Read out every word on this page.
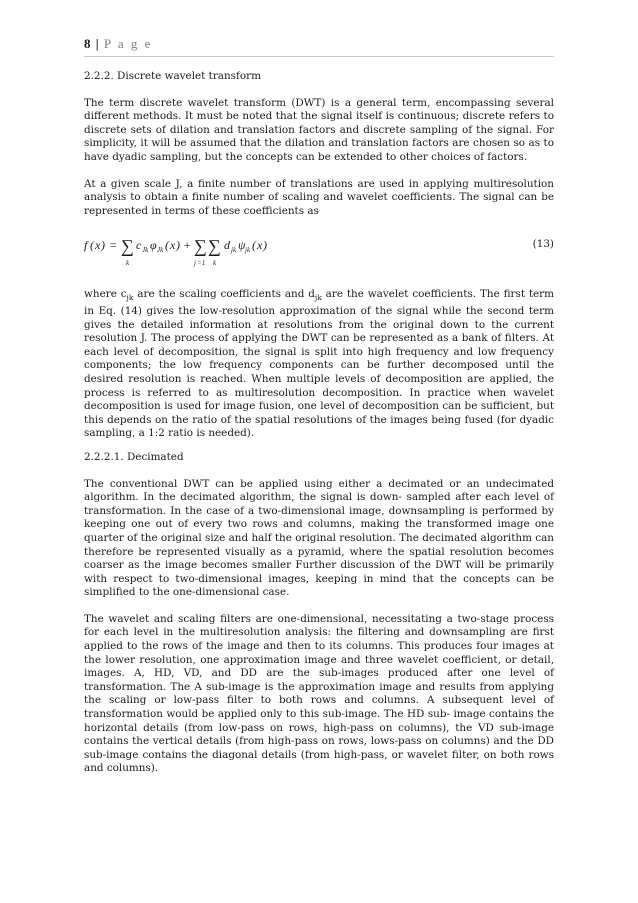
8 | P a g e
2.2.2. Discrete wavelet transform

The term discrete wavelet transform (DWT) is a general term, encompassing several different methods. It must be noted that the signal itself is continuous; discrete refers to discrete sets of dilation and translation factors and discrete sampling of the signal. For simplicity, it will be assumed that the dilation and translation factors are chosen so as to have dyadic sampling, but the concepts can be extended to other choices of factors.

At a given scale J, a finite number of translations are used in applying multiresolution analysis to obtain a finite number of scaling and wavelet coefficients. The signal can be represented in terms of these coefficients as

f ( x ) = ∑
k
c Jk φ Jk ( x ) + ∑
j =1
∑
k
d jk ψ jk ( x )	(13)

where $c_{jk}$ are the scaling coefficients and $d_{jk}$ are the wavelet coefficients. The first term in Eq. (14) gives the low-resolution approximation of the signal while the second term gives the detailed information at resolutions from the original down to the current resolution J. The process of applying the DWT can be represented as a bank of filters. At each level of decomposition, the signal is split into high frequency and low frequency components; the low frequency components can be further decomposed until the desired resolution is reached. When multiple levels of decomposition are applied, the process is referred to as multiresolution decomposition. In practice when wavelet decomposition is used for image fusion, one level of decomposition can be sufficient, but this depends on the ratio of the spatial resolutions of the images being fused (for dyadic sampling, a 1:2 ratio is needed).

2.2.2.1. Decimated

The conventional DWT can be applied using either a decimated or an undecimated algorithm. In the decimated algorithm, the signal is down- sampled after each level of transformation. In the case of a two-dimensional image, downsampling is performed by keeping one out of every two rows and columns, making the transformed image one quarter of the original size and half the original resolution. The decimated algorithm can therefore be represented visually as a pyramid, where the spatial resolution becomes coarser as the image becomes smaller Further discussion of the DWT will be primarily with respect to two-dimensional images, keeping in mind that the concepts can be simplified to the one-dimensional case.

The wavelet and scaling filters are one-dimensional, necessitating a two-stage process for each level in the multiresolution analysis: the filtering and downsampling are first applied to the rows of the image and then to its columns. This produces four images at the lower resolution, one approximation image and three wavelet coefficient, or detail, images. A, HD, VD, and DD are the sub-images produced after one level of transformation. The A sub-image is the approximation image and results from applying the scaling or low-pass filter to both rows and columns. A subsequent level of transformation would be applied only to this sub-image. The HD sub- image contains the horizontal details (from low-pass on rows, high-pass on columns), the VD sub-image contains the vertical details (from high-pass on rows, lows-pass on columns) and the DD sub-image contains the diagonal details (from high-pass, or wavelet filter, on both rows and columns).
